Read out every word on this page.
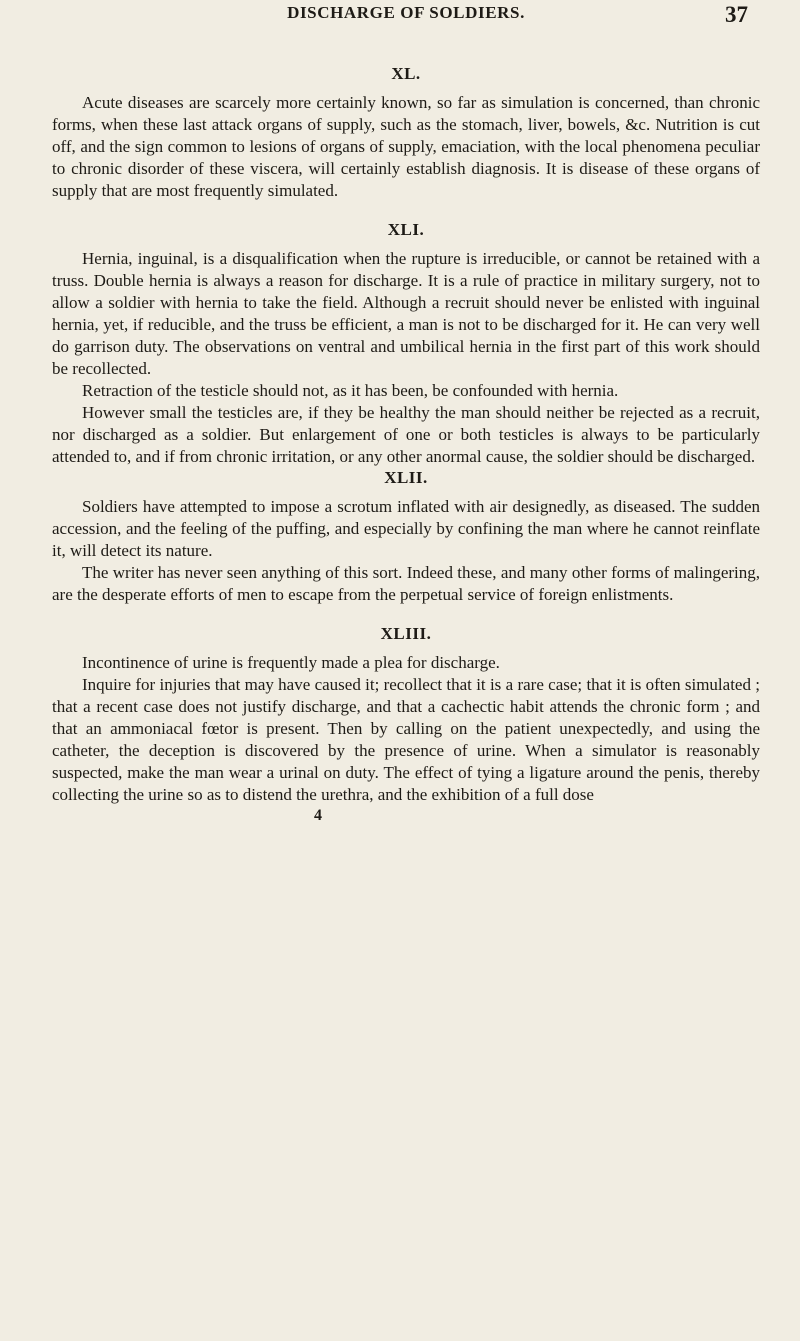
DISCHARGE OF SOLDIERS.	37
XL.

Acute diseases are scarcely more certainly known, so far as simulation is concerned, than chronic forms, when these last attack organs of supply, such as the stomach, liver, bowels, &c. Nutrition is cut off, and the sign common to lesions of organs of supply, emaciation, with the local phenomena peculiar to chronic disorder of these viscera, will certainly establish diagnosis. It is disease of these organs of supply that are most frequently simulated.

XLI.

Hernia, inguinal, is a disqualification when the rupture is irreducible, or cannot be retained with a truss. Double hernia is always a reason for discharge. It is a rule of practice in military surgery, not to allow a soldier with hernia to take the field. Although a recruit should never be enlisted with inguinal hernia, yet, if reducible, and the truss be efficient, a man is not to be discharged for it. He can very well do garrison duty. The observations on ventral and umbilical hernia in the first part of this work should be recollected.

Retraction of the testicle should not, as it has been, be confounded with hernia.

However small the testicles are, if they be healthy the man should neither be rejected as a recruit, nor discharged as a soldier. But enlargement of one or both testicles is always to be particularly attended to, and if from chronic irritation, or any other anormal cause, the soldier should be discharged.

XLII.

Soldiers have attempted to impose a scrotum inflated with air designedly, as diseased. The sudden accession, and the feeling of the puffing, and especially by confining the man where he cannot reinflate it, will detect its nature.

The writer has never seen anything of this sort. Indeed these, and many other forms of malingering, are the desperate efforts of men to escape from the perpetual service of foreign enlistments.

XLIII.

Incontinence of urine is frequently made a plea for discharge.

Inquire for injuries that may have caused it; recollect that it is a rare case; that it is often simulated ; that a recent case does not justify discharge, and that a cachectic habit attends the chronic form ; and that an ammoniacal fœtor is present. Then by calling on the patient unexpectedly, and using the catheter, the deception is discovered by the presence of urine. When a simulator is reasonably suspected, make the man wear a urinal on duty. The effect of tying a ligature around the penis, thereby collecting the urine so as to distend the urethra, and the exhibition of a full dose

4
